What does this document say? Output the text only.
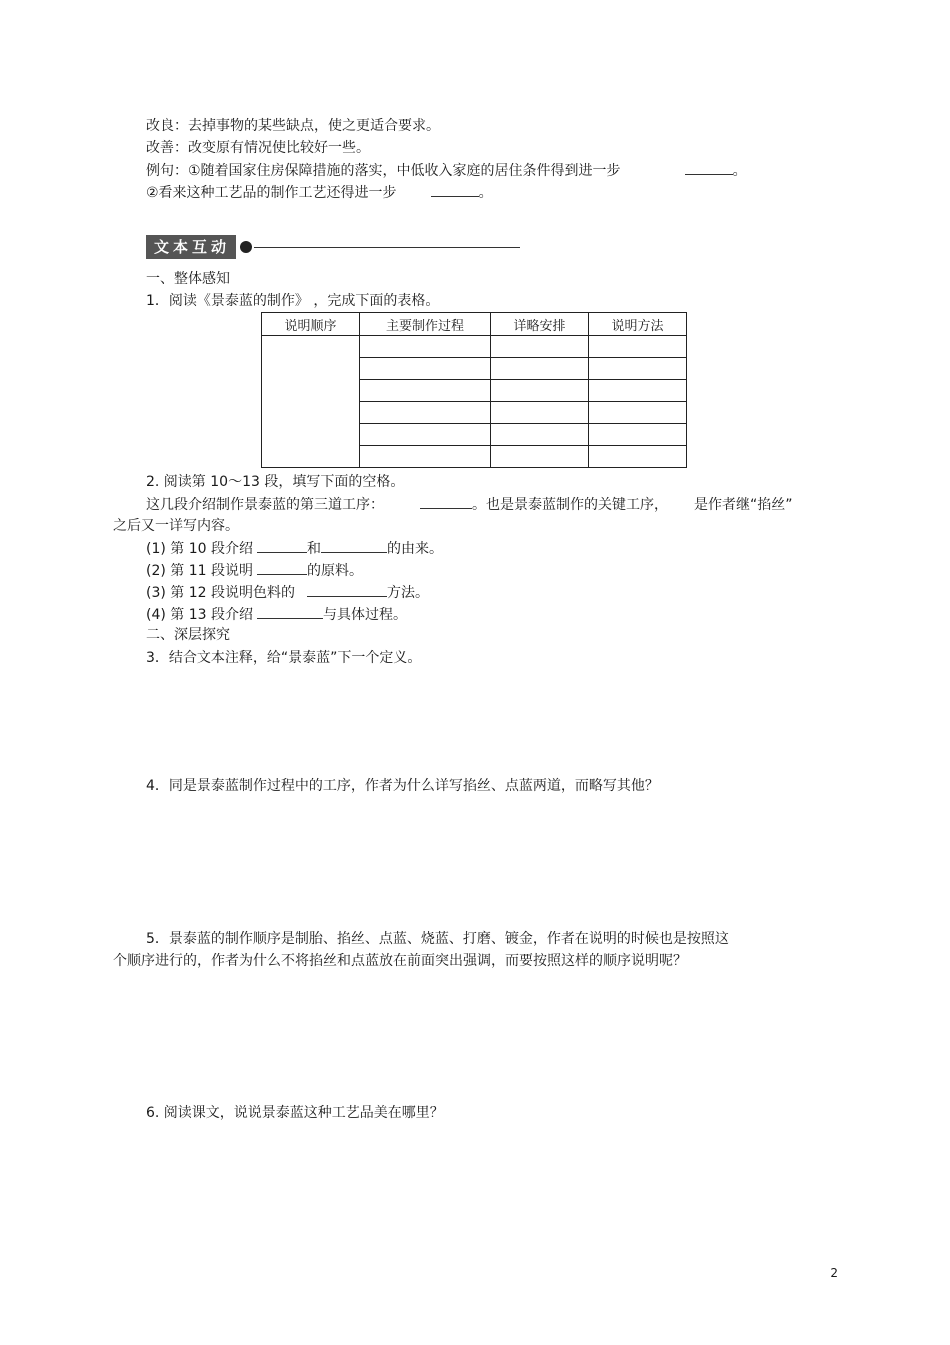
改良：去掉事物的某些缺点，使之更适合要求。
改善：改变原有情况使比较好一些。
例句：①随着国家住房保障措施的落实，中低收入家庭的居住条件得到进一步	。
②看来这种工艺品的制作工艺还得进一步	。
文本互动
一、整体感知
1．阅读《景泰蓝的制作》 ，完成下面的表格。
说明顺序	主要制作过程	详略安排	说明方法

2. 阅读第 10～13 段，填写下面的空格。
这几段介绍制作景泰蓝的第三道工序：	。也是景泰蓝制作的关键工序， 是作者继“掐丝”
之后又一详写内容。
(1) 第 10 段介绍	和	的由来。
(2) 第 11 段说明	的原料。
(3) 第 12 段说明色料的	方法。
(4) 第 13 段介绍	与具体过程。
二、深层探究
3．结合文本注释，给“景泰蓝”下一个定义。
4．同是景泰蓝制作过程中的工序，作者为什么详写掐丝、点蓝两道，而略写其他？
5．景泰蓝的制作顺序是制胎、掐丝、点蓝、烧蓝、打磨、镀金，作者在说明的时候也是按照这
个顺序进行的，作者为什么不将掐丝和点蓝放在前面突出强调，而要按照这样的顺序说明呢？
6. 阅读课文，说说景泰蓝这种工艺品美在哪里？
2
